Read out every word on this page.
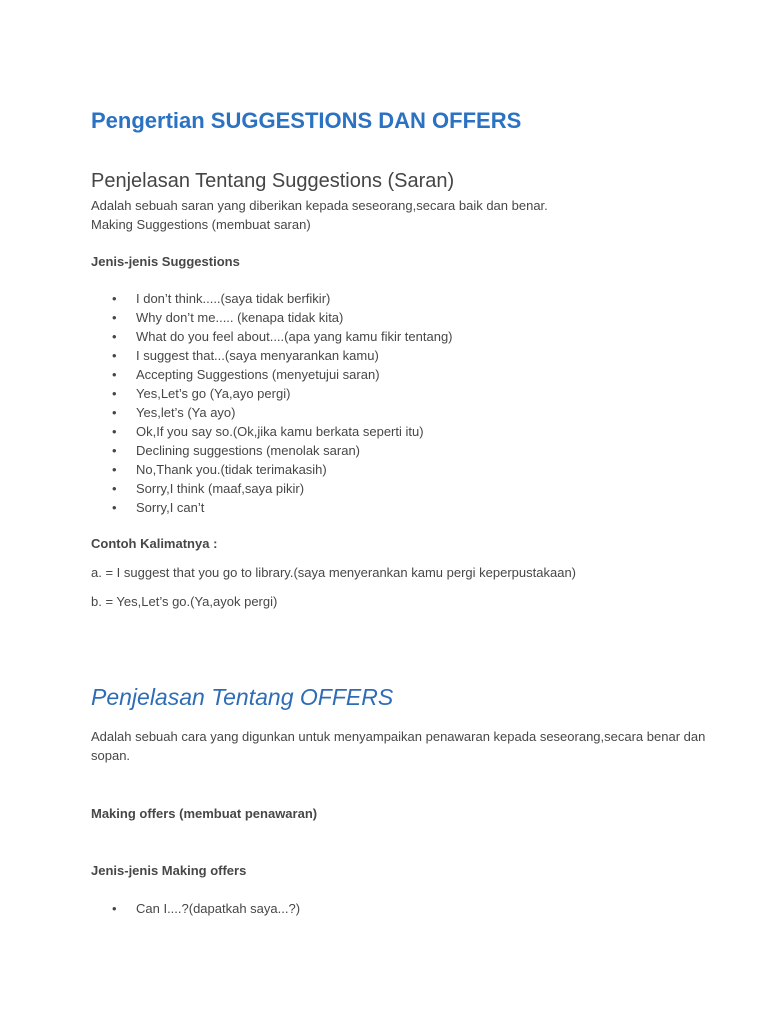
Pengertian SUGGESTIONS DAN OFFERS
Penjelasan Tentang Suggestions (Saran)
Adalah sebuah saran yang diberikan kepada seseorang,secara baik dan benar.
Making Suggestions (membuat saran)
Jenis-jenis Suggestions
• I don’t think.....(saya tidak berfikir)
• Why don’t me..... (kenapa tidak kita)
• What do you feel about....(apa yang kamu fikir tentang)
• I suggest that...(saya menyarankan kamu)
• Accepting Suggestions (menyetujui saran)
• Yes,Let’s go (Ya,ayo pergi)
• Yes,let’s (Ya ayo)
• Ok,If you say so.(Ok,jika kamu berkata seperti itu)
• Declining suggestions (menolak saran)
• No,Thank you.(tidak terimakasih)
• Sorry,I think (maaf,saya pikir)
• Sorry,I can’t
Contoh Kalimatnya :
a. = I suggest that you go to library.(saya menyerankan kamu pergi keperpustakaan)
b. = Yes,Let’s go.(Ya,ayok pergi)
Penjelasan Tentang OFFERS
Adalah sebuah cara yang digunkan untuk menyampaikan penawaran kepada seseorang,secara benar dan
sopan.
Making offers (membuat penawaran)
Jenis-jenis Making offers
• Can I....?(dapatkah saya...?)
